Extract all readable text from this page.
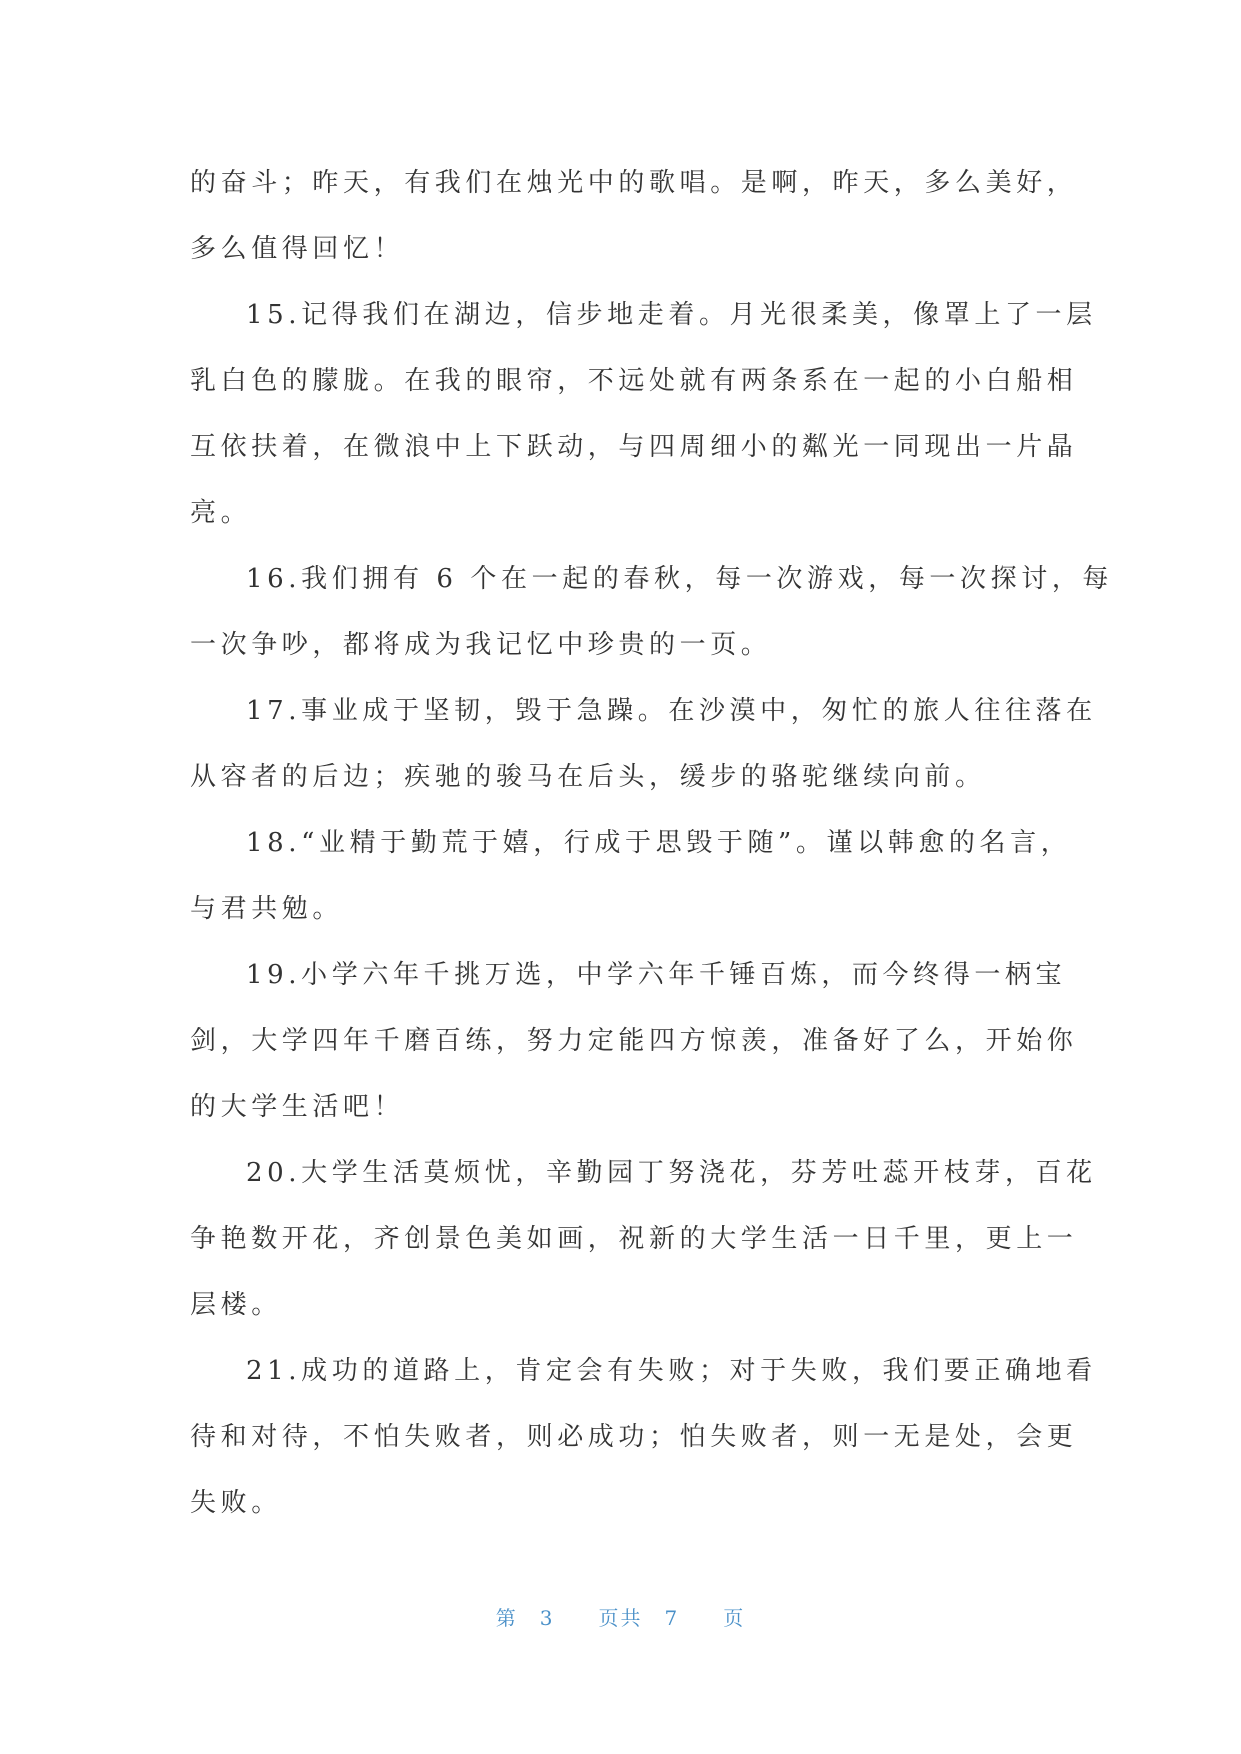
的奋斗；昨天，有我们在烛光中的歌唱。是啊，昨天，多么美好，
多么值得回忆！

15.记得我们在湖边，信步地走着。月光很柔美，像罩上了一层
乳白色的朦胧。在我的眼帘，不远处就有两条系在一起的小白船相
互依扶着，在微浪中上下跃动，与四周细小的粼光一同现出一片晶
亮。

16.我们拥有 6 个在一起的春秋，每一次游戏，每一次探讨，每
一次争吵，都将成为我记忆中珍贵的一页。

17.事业成于坚韧，毁于急躁。在沙漠中，匆忙的旅人往往落在
从容者的后边；疾驰的骏马在后头，缓步的骆驼继续向前。

18.“业精于勤荒于嬉，行成于思毁于随”。谨以韩愈的名言，
与君共勉。

19.小学六年千挑万选，中学六年千锤百炼，而今终得一柄宝
剑，大学四年千磨百练，努力定能四方惊羡，准备好了么，开始你
的大学生活吧！

20.大学生活莫烦忧，辛勤园丁努浇花，芬芳吐蕊开枝芽，百花
争艳数开花，齐创景色美如画，祝新的大学生活一日千里，更上一
层楼。

21.成功的道路上，肯定会有失败；对于失败，我们要正确地看
待和对待，不怕失败者，则必成功；怕失败者，则一无是处，会更
失败。

第 3 页共 7 页
